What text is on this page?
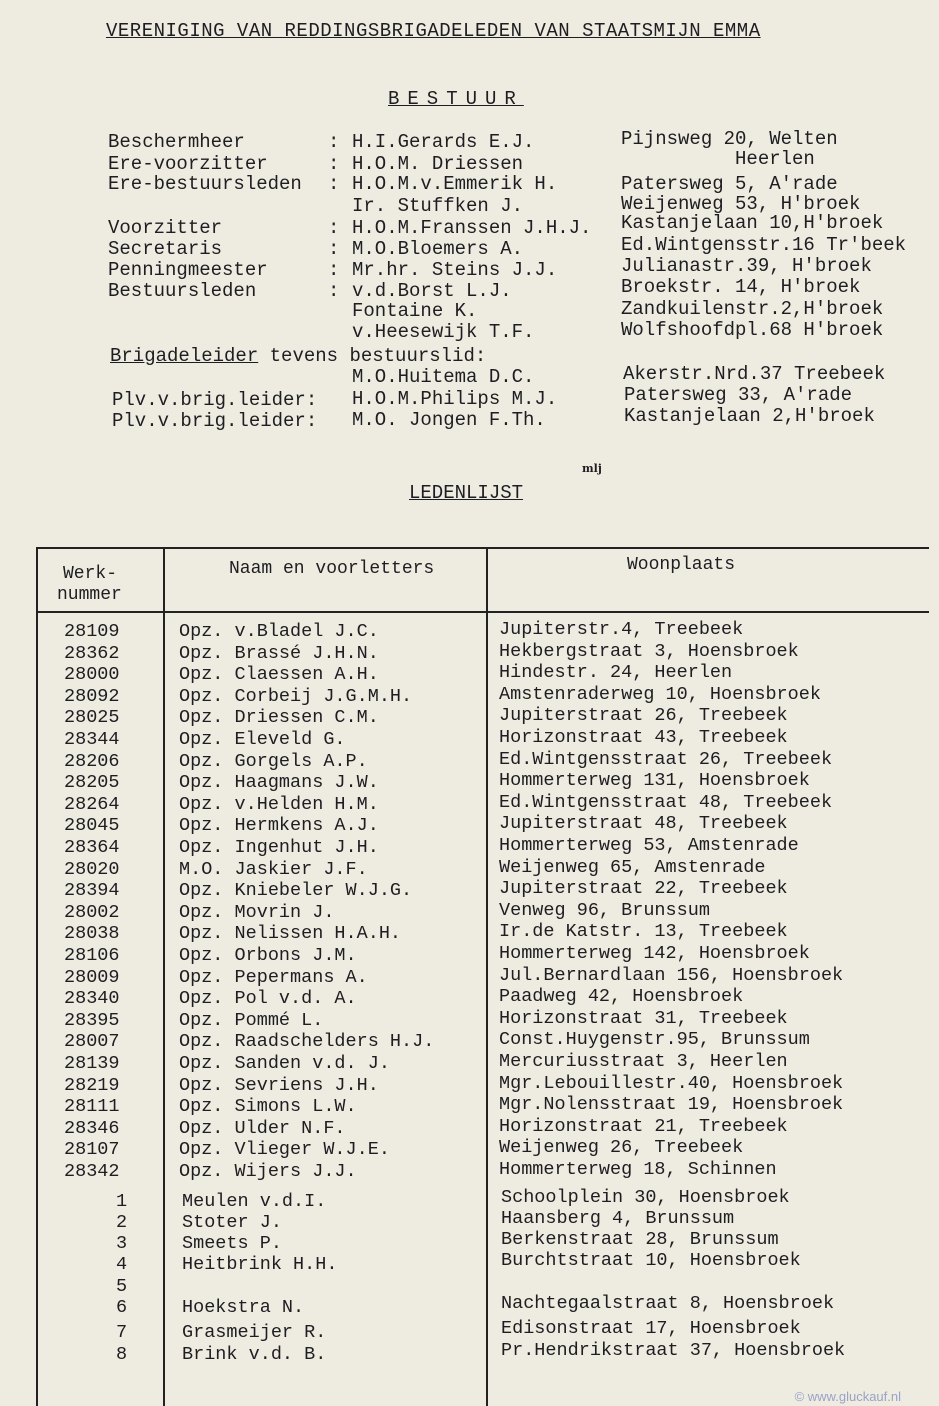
VERENIGING VAN REDDINGSBRIGADELEDEN VAN STAATSMIJN EMMA
BESTUUR
Beschermheer	: H.I.Gerards E.J.	Pijnsweg 20, Welten
Heerlen
Ere-voorzitter	: H.O.M. Driessen
Ere-bestuursleden : H.O.M.v.Emmerik H.	Patersweg 5, A'rade
Ir. Stuffken J.	Weijenweg 53, H'broek
Voorzitter	: H.O.M.Franssen J.H.J. Kastanjelaan 10,H'broek
Secretaris	: M.O.Bloemers A.	Ed.Wintgensstr.16 Tr'beek
Penningmeester	: Mr.hr. Steins J.J.	Julianastr.39, H'broek
Bestuursleden	: v.d.Borst L.J.	Broekstr. 14, H'broek
Fontaine K.	Zandkuilenstr.2,H'broek
v.Heesewijk T.F.	Wolfshoofdpl.68 H'broek
Brigadeleider tevens bestuurslid:
M.O.Huitema D.C.	Akerstr.Nrd.37 Treebeek
Plv.v.brig.leider: H.O.M.Philips M.J.	Patersweg 33, A'rade
Plv.v.brig.leider: M.O. Jongen F.Th.	Kastanjelaan 2,H'broek
mlj
LEDENLIJST
Werk-
nummer
Naam en voorletters	Woonplaats
28109	Opz. v.Bladel J.C.	Jupiterstr.4, Treebeek
28362	Opz. Brassé J.H.N.	Hekbergstraat 3, Hoensbroek
28000	Opz. Claessen A.H.	Hindestr. 24, Heerlen
28092	Opz. Corbeij J.G.M.H.	Amstenraderweg 10, Hoensbroek
28025	Opz. Driessen C.M.	Jupiterstraat 26, Treebeek
28344	Opz. Eleveld G.	Horizonstraat 43, Treebeek
28206	Opz. Gorgels A.P.	Ed.Wintgensstraat 26, Treebeek
28205	Opz. Haagmans J.W.	Hommerterweg 131, Hoensbroek
28264	Opz. v.Helden H.M.	Ed.Wintgensstraat 48, Treebeek
28045	Opz. Hermkens A.J.	Jupiterstraat 48, Treebeek
28364	Opz. Ingenhut J.H.	Hommerterweg 53, Amstenrade
28020	M.O. Jaskier J.F.	Weijenweg 65, Amstenrade
28394	Opz. Kniebeler W.J.G.	Jupiterstraat 22, Treebeek
28002	Opz. Movrin J.	Venweg 96, Brunssum
28038	Opz. Nelissen H.A.H.	Ir.de Katstr. 13, Treebeek
28106	Opz. Orbons J.M.	Hommerterweg 142, Hoensbroek
28009	Opz. Pepermans A.	Jul.Bernardlaan 156, Hoensbroek
28340	Opz. Pol v.d. A.	Paadweg 42, Hoensbroek
28395	Opz. Pommé L.	Horizonstraat 31, Treebeek
28007	Opz. Raadschelders H.J.	Const.Huygenstr.95, Brunssum
28139	Opz. Sanden v.d. J.	Mercuriusstraat 3, Heerlen
28219	Opz. Sevriens J.H.	Mgr.Lebouillestr.40, Hoensbroek
28111	Opz. Simons L.W.	Mgr.Nolensstraat 19, Hoensbroek
28346	Opz. Ulder N.F.	Horizonstraat 21, Treebeek
28107	Opz. Vlieger W.J.E.	Weijenweg 26, Treebeek
28342	Opz. Wijers J.J.	Hommerterweg 18, Schinnen
1	Meulen v.d.I.	Schoolplein 30, Hoensbroek
2	Stoter J.	Haansberg 4, Brunssum
3	Smeets P.	Berkenstraat 28, Brunssum
4	Heitbrink H.H.	Burchtstraat 10, Hoensbroek
5
6	Hoekstra N.	Nachtegaalstraat 8, Hoensbroek
7	Grasmeijer R.	Edisonstraat 17, Hoensbroek
8	Brink v.d. B.	Pr.Hendrikstraat 37, Hoensbroek
© www.gluckauf.nl
